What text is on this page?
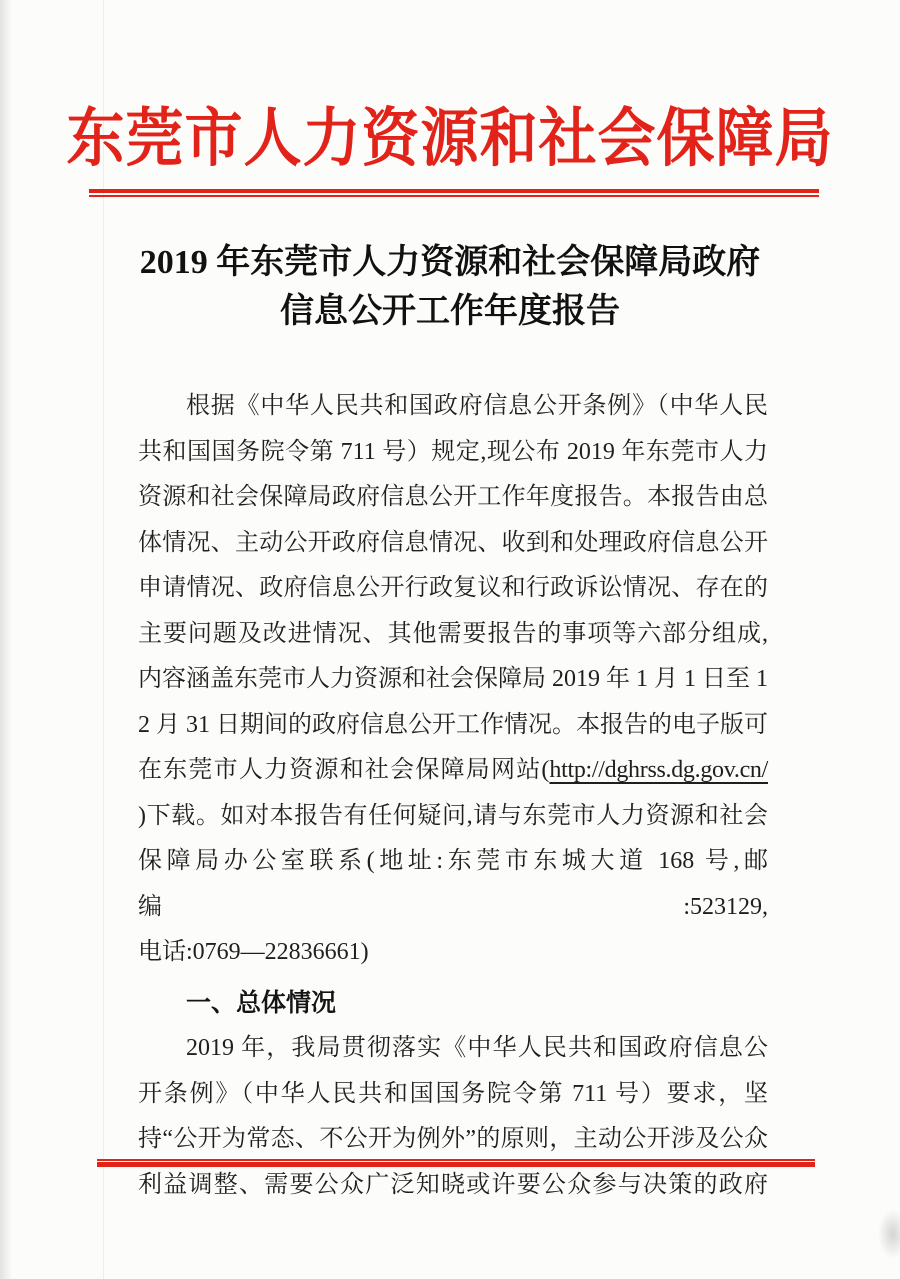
东莞市人力资源和社会保障局
2019 年东莞市人力资源和社会保障局政府
信息公开工作年度报告
根据《中华人民共和国政府信息公开条例》（中华人民
共和国国务院令第 711 号）规定,现公布 2019 年东莞市人力
资源和社会保障局政府信息公开工作年度报告。本报告由总
体情况、主动公开政府信息情况、收到和处理政府信息公开
申请情况、政府信息公开行政复议和行政诉讼情况、存在的
主要问题及改进情况、其他需要报告的事项等六部分组成,
内容涵盖东莞市人力资源和社会保障局 2019 年 1 月 1 日至 1
2 月 31 日期间的政府信息公开工作情况。本报告的电子版可
在东莞市人力资源和社会保障局网站(http://dghrss.dg.gov.cn/
)下载。如对本报告有任何疑问,请与东莞市人力资源和社会
保障局办公室联系(地址:东莞市东城大道 168 号,邮编:523129,
电话:0769—22836661)
一、总体情况
2019 年，我局贯彻落实《中华人民共和国政府信息公
开条例》（中华人民共和国国务院令第 711 号）要求，坚
持“公开为常态、不公开为例外”的原则，主动公开涉及公众
利益调整、需要公众广泛知晓或许要公众参与决策的政府
